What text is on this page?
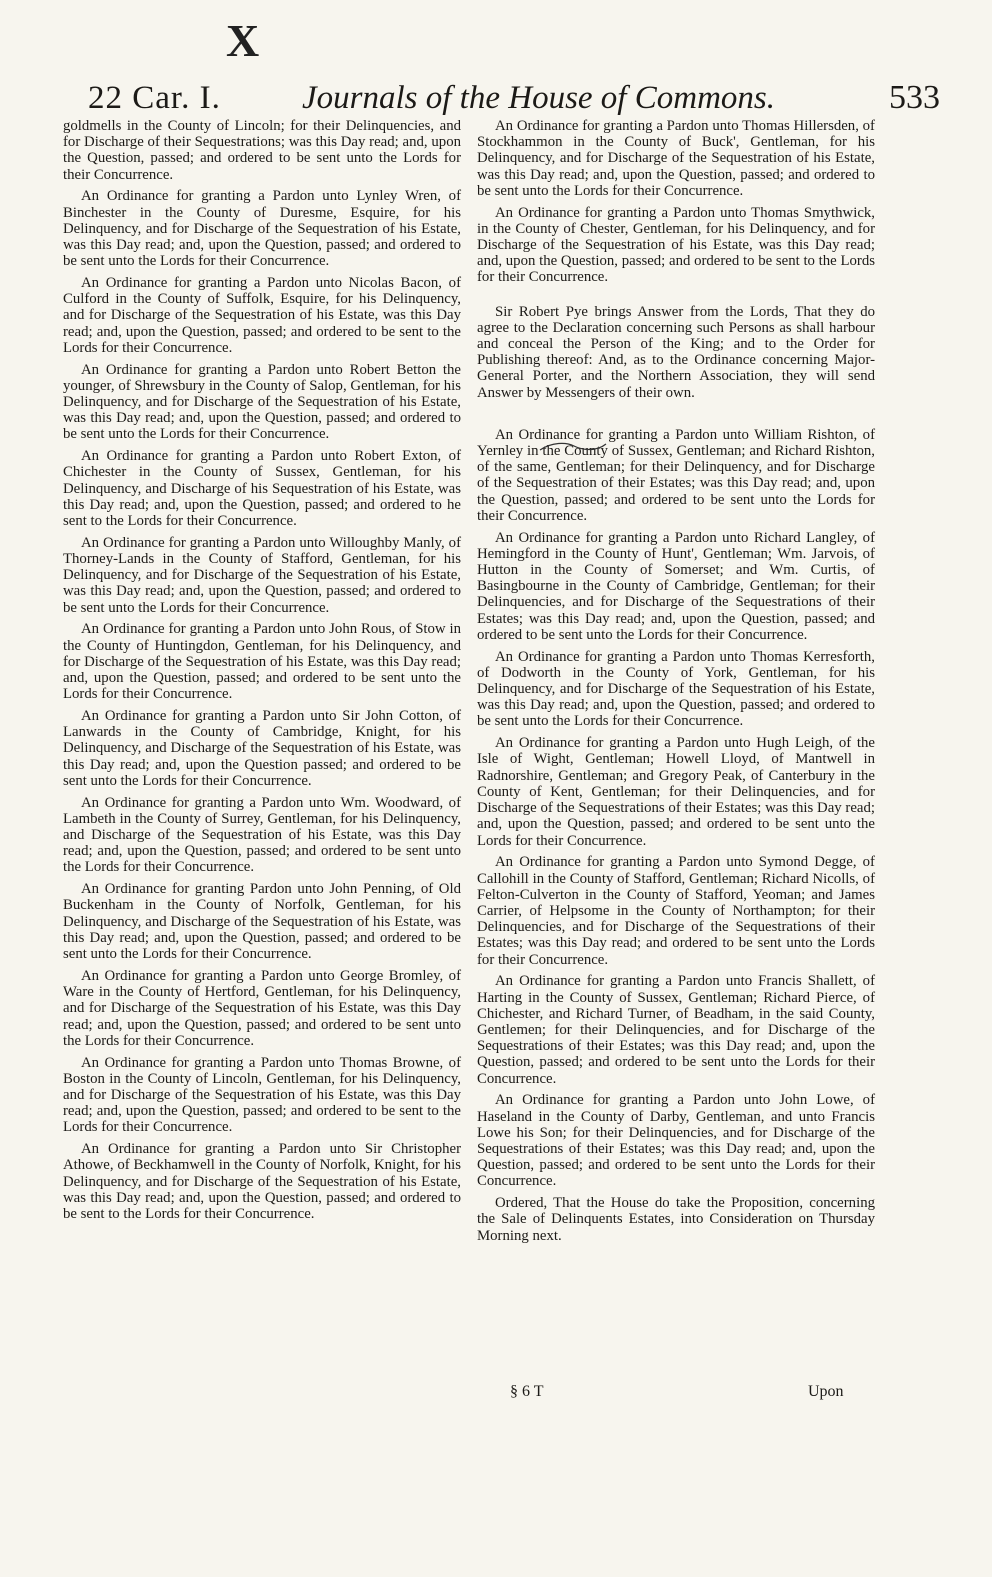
X
22 Car. I. Journals of the House of Commons.	533

goldmells in the County of Lincoln; for their Delinquencies, and for Discharge of their Sequestrations; was this Day read; and, upon the Question, passed; and ordered to be sent unto the Lords for their Concurrence.

An Ordinance for granting a Pardon unto Lynley Wren, of Binchester in the County of Duresme, Esquire, for his Delinquency, and for Discharge of the Sequestration of his Estate, was this Day read; and, upon the Question, passed; and ordered to be sent unto the Lords for their Concurrence.

An Ordinance for granting a Pardon unto Nicolas Bacon, of Culford in the County of Suffolk, Esquire, for his Delinquency, and for Discharge of the Sequestration of his Estate, was this Day read; and, upon the Question, passed; and ordered to be sent to the Lords for their Concurrence.

An Ordinance for granting a Pardon unto Robert Betton the younger, of Shrewsbury in the County of Salop, Gentleman, for his Delinquency, and for Discharge of the Sequestration of his Estate, was this Day read; and, upon the Question, passed; and ordered to be sent unto the Lords for their Concurrence.

An Ordinance for granting a Pardon unto Robert Exton, of Chichester in the County of Sussex, Gentleman, for his Delinquency, and Discharge of his Sequestration of his Estate, was this Day read; and, upon the Question, passed; and ordered to he sent to the Lords for their Concurrence.

An Ordinance for granting a Pardon unto Willoughby Manly, of Thorney-Lands in the County of Stafford, Gentleman, for his Delinquency, and for Discharge of the Sequestration of his Estate, was this Day read; and, upon the Question, passed; and ordered to be sent unto the Lords for their Concurrence.

An Ordinance for granting a Pardon unto John Rous, of Stow in the County of Huntingdon, Gentleman, for his Delinquency, and for Discharge of the Sequestration of his Estate, was this Day read; and, upon the Question, passed; and ordered to be sent unto the Lords for their Concurrence.

An Ordinance for granting a Pardon unto Sir John Cotton, of Lanwards in the County of Cambridge, Knight, for his Delinquency, and Discharge of the Sequestration of his Estate, was this Day read; and, upon the Question passed; and ordered to be sent unto the Lords for their Concurrence.

An Ordinance for granting a Pardon unto Wm. Woodward, of Lambeth in the County of Surrey, Gentleman, for his Delinquency, and Discharge of the Sequestration of his Estate, was this Day read; and, upon the Question, passed; and ordered to be sent unto the Lords for their Concurrence.

An Ordinance for granting Pardon unto John Penning, of Old Buckenham in the County of Norfolk, Gentleman, for his Delinquency, and Discharge of the Sequestration of his Estate, was this Day read; and, upon the Question, passed; and ordered to be sent unto the Lords for their Concurrence.

An Ordinance for granting a Pardon unto George Bromley, of Ware in the County of Hertford, Gentleman, for his Delinquency, and for Discharge of the Sequestration of his Estate, was this Day read; and, upon the Question, passed; and ordered to be sent unto the Lords for their Concurrence.

An Ordinance for granting a Pardon unto Thomas Browne, of Boston in the County of Lincoln, Gentleman, for his Delinquency, and for Discharge of the Sequestration of his Estate, was this Day read; and, upon the Question, passed; and ordered to be sent to the Lords for their Concurrence.

An Ordinance for granting a Pardon unto Sir Christopher Athowe, of Beckhamwell in the County of Norfolk, Knight, for his Delinquency, and for Discharge of the Sequestration of his Estate, was this Day read; and, upon the Question, passed; and ordered to be sent to the Lords for their Concurrence.

An Ordinance for granting a Pardon unto Thomas Hillersden, of Stockhammon in the County of Buck', Gentleman, for his Delinquency, and for Discharge of the Sequestration of his Estate, was this Day read; and, upon the Question, passed; and ordered to be sent unto the Lords for their Concurrence.

An Ordinance for granting a Pardon unto Thomas Smythwick, in the County of Chester, Gentleman, for his Delinquency, and for Discharge of the Sequestration of his Estate, was this Day read; and, upon the Question, passed; and ordered to be sent to the Lords for their Concurrence.

Sir Robert Pye brings Answer from the Lords, That they do agree to the Declaration concerning such Persons as shall harbour and conceal the Person of the King; and to the Order for Publishing thereof: And, as to the Ordinance concerning Major-General Porter, and the Northern Association, they will send Answer by Messengers of their own.

An Ordinance for granting a Pardon unto William Rishton, of Yernley in the County of Sussex, Gentleman; and Richard Rishton, of the same, Gentleman; for their Delinquency, and for Discharge of the Sequestration of their Estates; was this Day read; and, upon the Question, passed; and ordered to be sent unto the Lords for their Concurrence.

An Ordinance for granting a Pardon unto Richard Langley, of Hemingford in the County of Hunt', Gentleman; Wm. Jarvois, of Hutton in the County of Somerset; and Wm. Curtis, of Basingbourne in the County of Cambridge, Gentleman; for their Delinquencies, and for Discharge of the Sequestrations of their Estates; was this Day read; and, upon the Question, passed; and ordered to be sent unto the Lords for their Concurrence.

An Ordinance for granting a Pardon unto Thomas Kerresforth, of Dodworth in the County of York, Gentleman, for his Delinquency, and for Discharge of the Sequestration of his Estate, was this Day read; and, upon the Question, passed; and ordered to be sent unto the Lords for their Concurrence.

An Ordinance for granting a Pardon unto Hugh Leigh, of the Isle of Wight, Gentleman; Howell Lloyd, of Mantwell in Radnorshire, Gentleman; and Gregory Peak, of Canterbury in the County of Kent, Gentleman; for their Delinquencies, and for Discharge of the Sequestrations of their Estates; was this Day read; and, upon the Question, passed; and ordered to be sent unto the Lords for their Concurrence.

An Ordinance for granting a Pardon unto Symond Degge, of Callohill in the County of Stafford, Gentleman; Richard Nicolls, of Felton-Culverton in the County of Stafford, Yeoman; and James Carrier, of Helpsome in the County of Northampton; for their Delinquencies, and for Discharge of the Sequestrations of their Estates; was this Day read; and ordered to be sent unto the Lords for their Concurrence.

An Ordinance for granting a Pardon unto Francis Shallett, of Harting in the County of Sussex, Gentleman; Richard Pierce, of Chichester, and Richard Turner, of Beadham, in the said County, Gentlemen; for their Delinquencies, and for Discharge of the Sequestrations of their Estates; was this Day read; and, upon the Question, passed; and ordered to be sent unto the Lords for their Concurrence.

An Ordinance for granting a Pardon unto John Lowe, of Haseland in the County of Darby, Gentleman, and unto Francis Lowe his Son; for their Delinquencies, and for Discharge of the Sequestrations of their Estates; was this Day read; and, upon the Question, passed; and ordered to be sent unto the Lords for their Concurrence.

Ordered, That the House do take the Proposition, concerning the Sale of Delinquents Estates, into Consideration on Thursday Morning next.

§ 6 T	Upon
